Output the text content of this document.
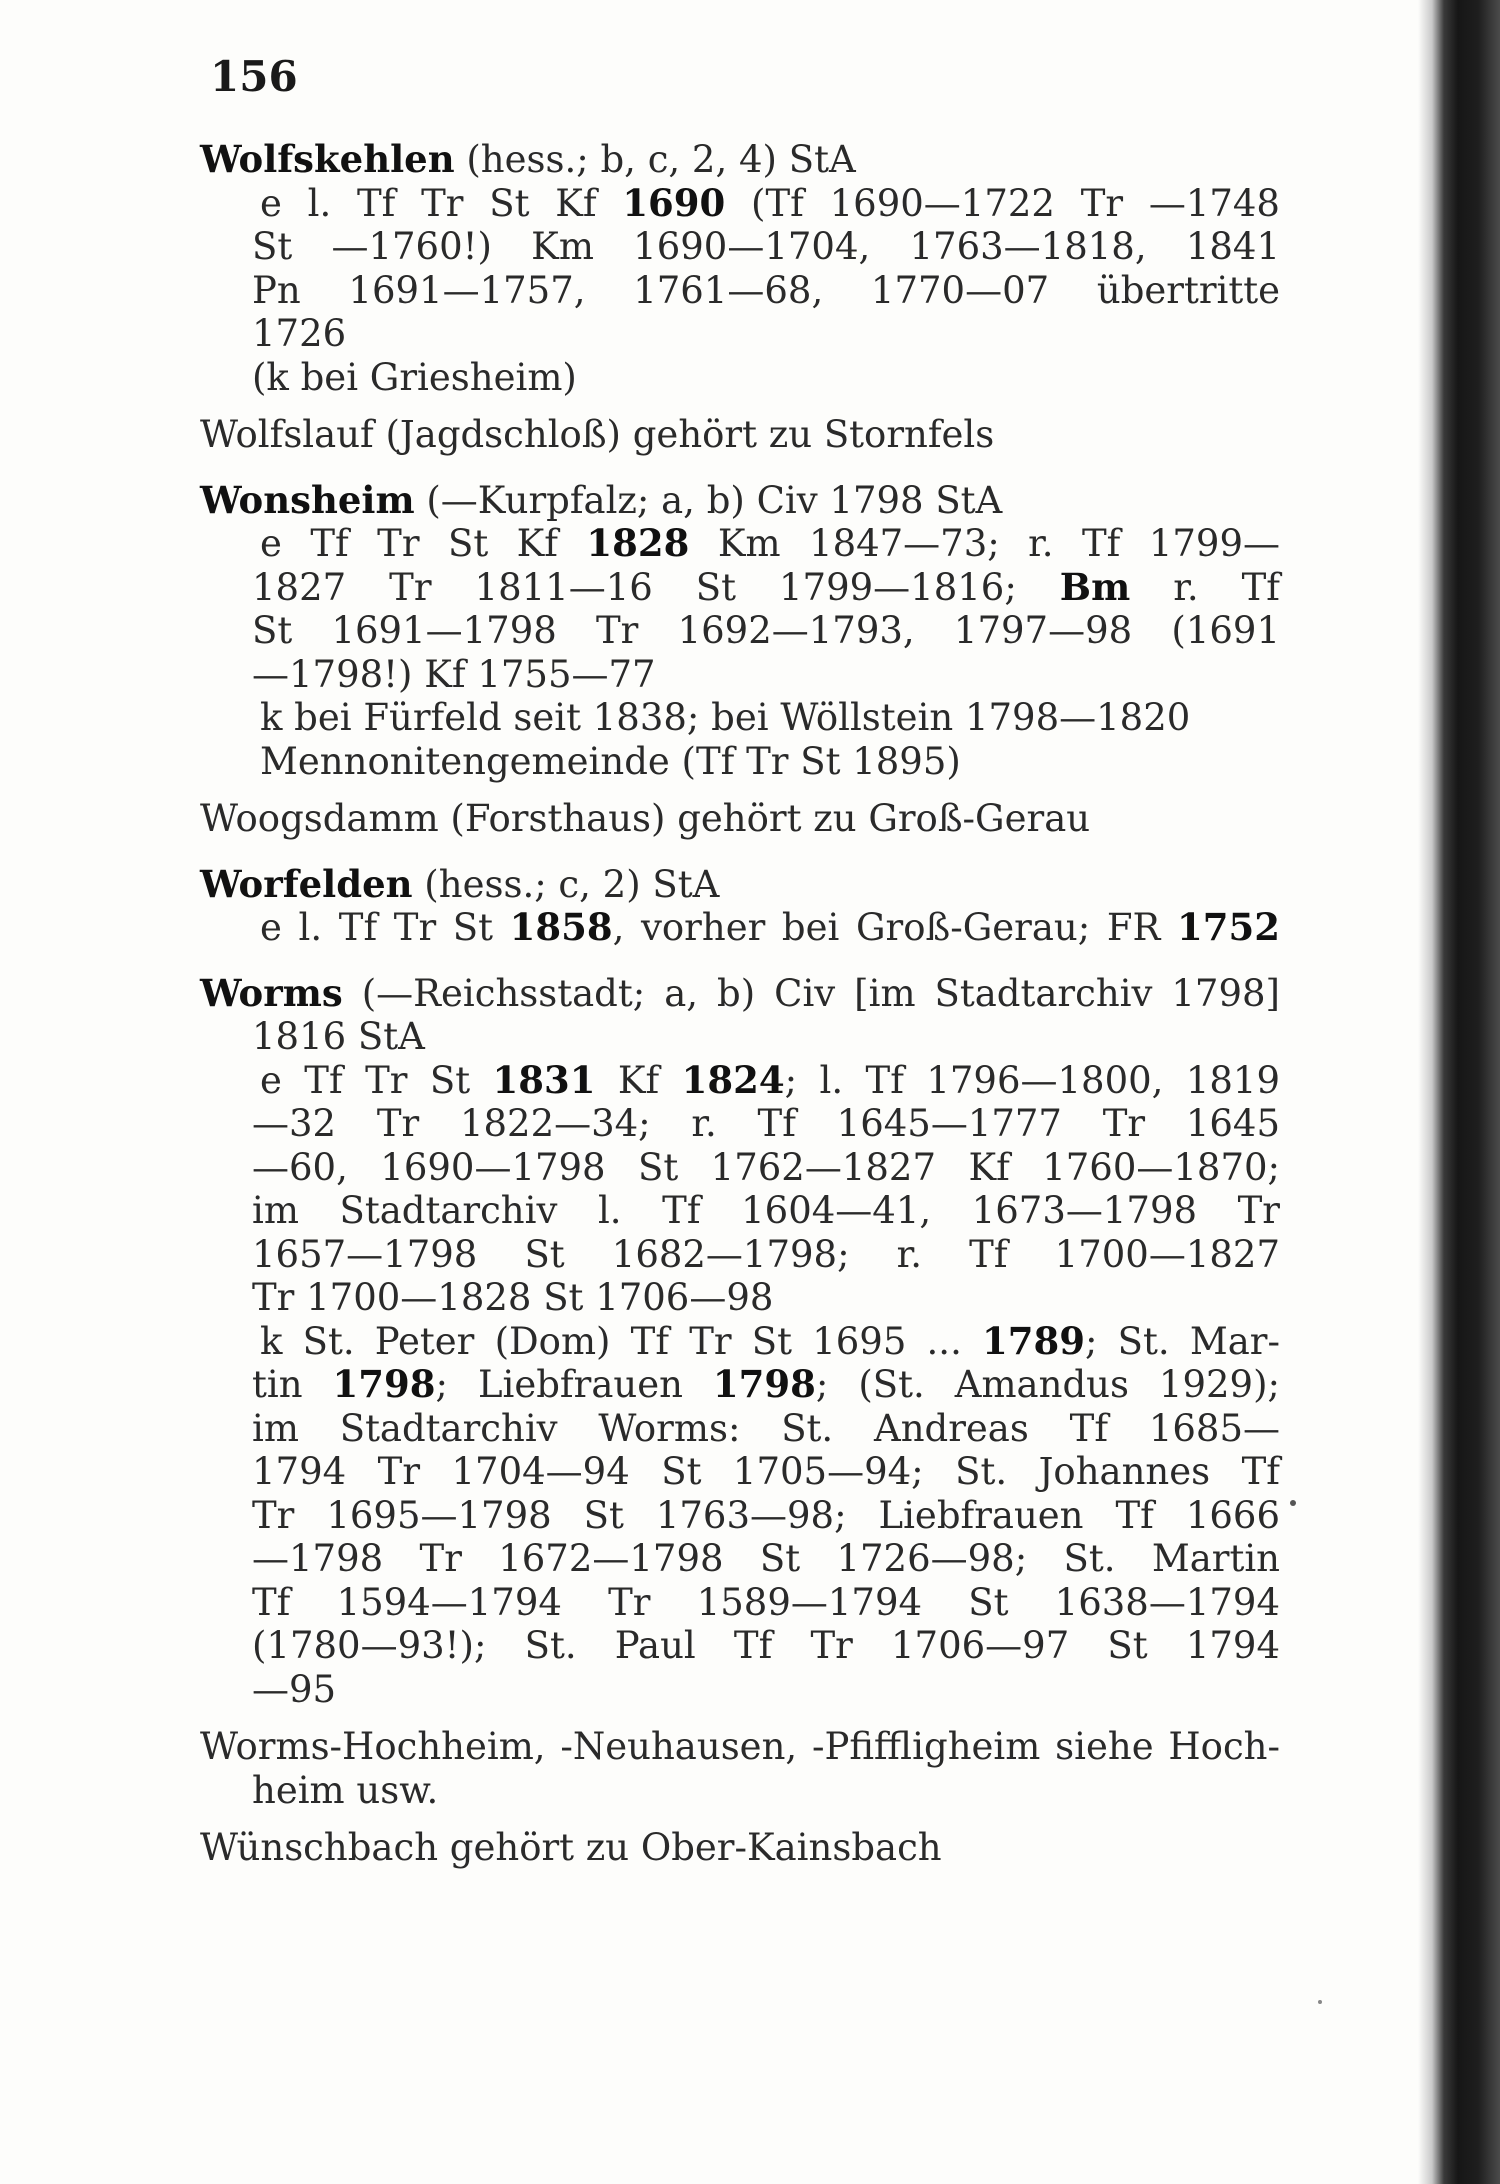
156
Wolfskehlen (hess.; b, c, 2, 4) StA
e l. Tf Tr St Kf 1690 (Tf 1690—1722 Tr —1748
St —1760!) Km 1690—1704, 1763—1818, 1841
Pn 1691—1757, 1761—68, 1770—07 übertritte
1726
(k bei Griesheim)
Wolfslauf (Jagdschloß) gehört zu Stornfels
Wonsheim (—Kurpfalz; a, b) Civ 1798 StA
e Tf Tr St Kf 1828 Km 1847—73; r. Tf 1799—
1827 Tr 1811—16 St 1799—1816; Bm r. Tf
St 1691—1798 Tr 1692—1793, 1797—98 (1691
—1798!) Kf 1755—77
k bei Fürfeld seit 1838; bei Wöllstein 1798—1820
Mennonitengemeinde (Tf Tr St 1895)
Woogsdamm (Forsthaus) gehört zu Groß-Gerau
Worfelden (hess.; c, 2) StA
e l. Tf Tr St 1858, vorher bei Groß-Gerau; FR 1752
Worms (—Reichsstadt; a, b) Civ [im Stadtarchiv 1798]
1816 StA
e Tf Tr St 1831 Kf 1824; l. Tf 1796—1800, 1819
—32 Tr 1822—34; r. Tf 1645—1777 Tr 1645
—60, 1690—1798 St 1762—1827 Kf 1760—1870;
im Stadtarchiv l. Tf 1604—41, 1673—1798 Tr
1657—1798 St 1682—1798; r. Tf 1700—1827
Tr 1700—1828 St 1706—98
k St. Peter (Dom) Tf Tr St 1695 ... 1789; St. Mar-
tin 1798; Liebfrauen 1798; (St. Amandus 1929);
im Stadtarchiv Worms: St. Andreas Tf 1685—
1794 Tr 1704—94 St 1705—94; St. Johannes Tf
Tr 1695—1798 St 1763—98; Liebfrauen Tf 1666
—1798 Tr 1672—1798 St 1726—98; St. Martin
Tf 1594—1794 Tr 1589—1794 St 1638—1794
(1780—93!); St. Paul Tf Tr 1706—97 St 1794
—95
Worms-Hochheim, -Neuhausen, -Pfiffligheim siehe Hoch-
heim usw.
Wünschbach gehört zu Ober-Kainsbach
